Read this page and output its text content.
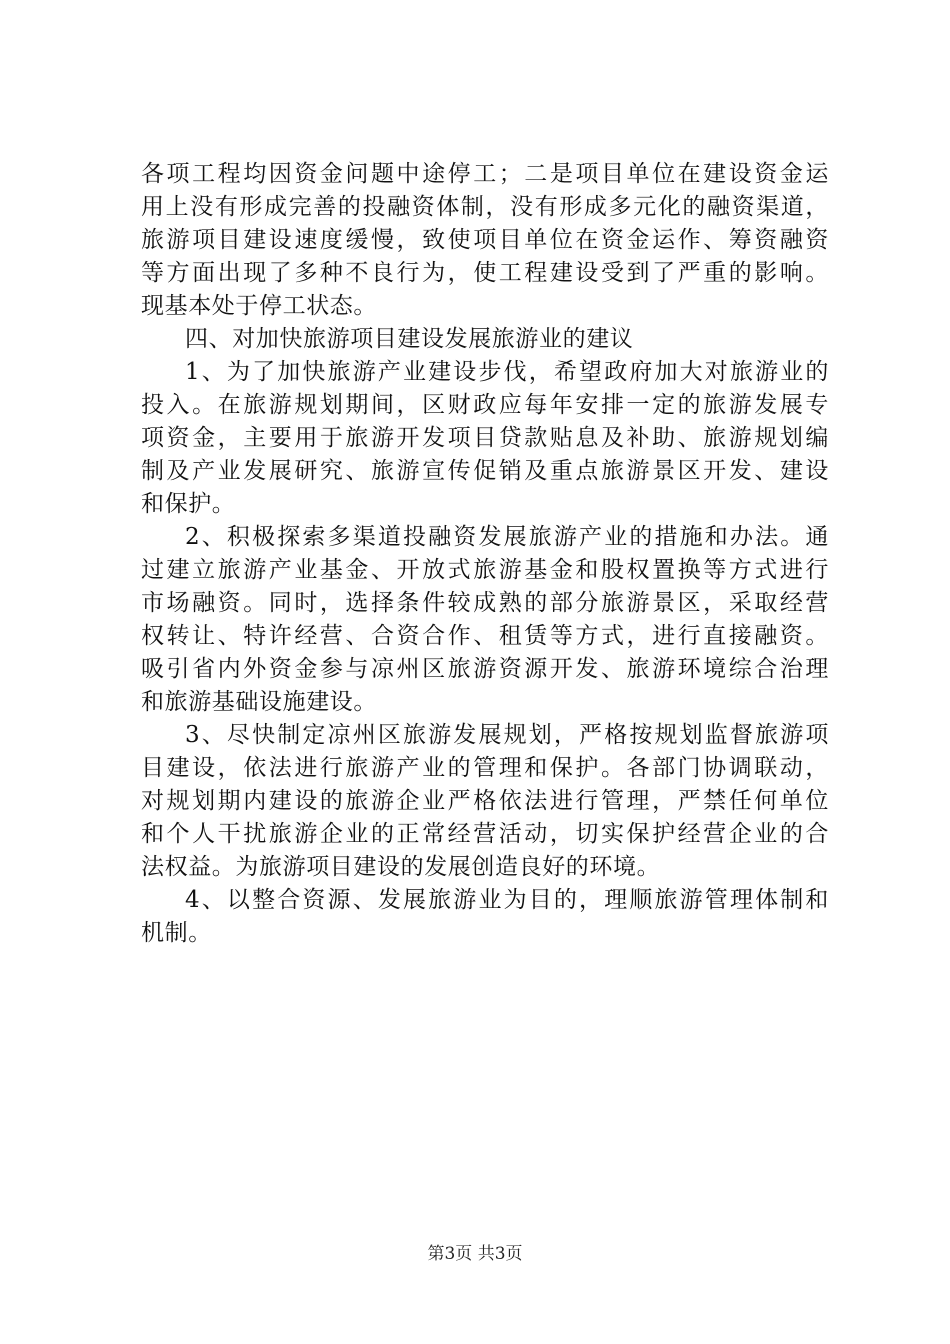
各项工程均因资金问题中途停工；二是项目单位在建设资金运
用上没有形成完善的投融资体制，没有形成多元化的融资渠道，
旅游项目建设速度缓慢，致使项目单位在资金运作、筹资融资
等方面出现了多种不良行为，使工程建设受到了严重的影响。
现基本处于停工状态。
四、对加快旅游项目建设发展旅游业的建议
1、为了加快旅游产业建设步伐，希望政府加大对旅游业的
投入。在旅游规划期间，区财政应每年安排一定的旅游发展专
项资金，主要用于旅游开发项目贷款贴息及补助、旅游规划编
制及产业发展研究、旅游宣传促销及重点旅游景区开发、建设
和保护。
2、积极探索多渠道投融资发展旅游产业的措施和办法。通
过建立旅游产业基金、开放式旅游基金和股权置换等方式进行
市场融资。同时，选择条件较成熟的部分旅游景区，采取经营
权转让、特许经营、合资合作、租赁等方式，进行直接融资。
吸引省内外资金参与凉州区旅游资源开发、旅游环境综合治理
和旅游基础设施建设。
3、尽快制定凉州区旅游发展规划，严格按规划监督旅游项
目建设，依法进行旅游产业的管理和保护。各部门协调联动，
对规划期内建设的旅游企业严格依法进行管理，严禁任何单位
和个人干扰旅游企业的正常经营活动，切实保护经营企业的合
法权益。为旅游项目建设的发展创造良好的环境。
4、以整合资源、发展旅游业为目的，理顺旅游管理体制和
机制。
第3页 共3页
